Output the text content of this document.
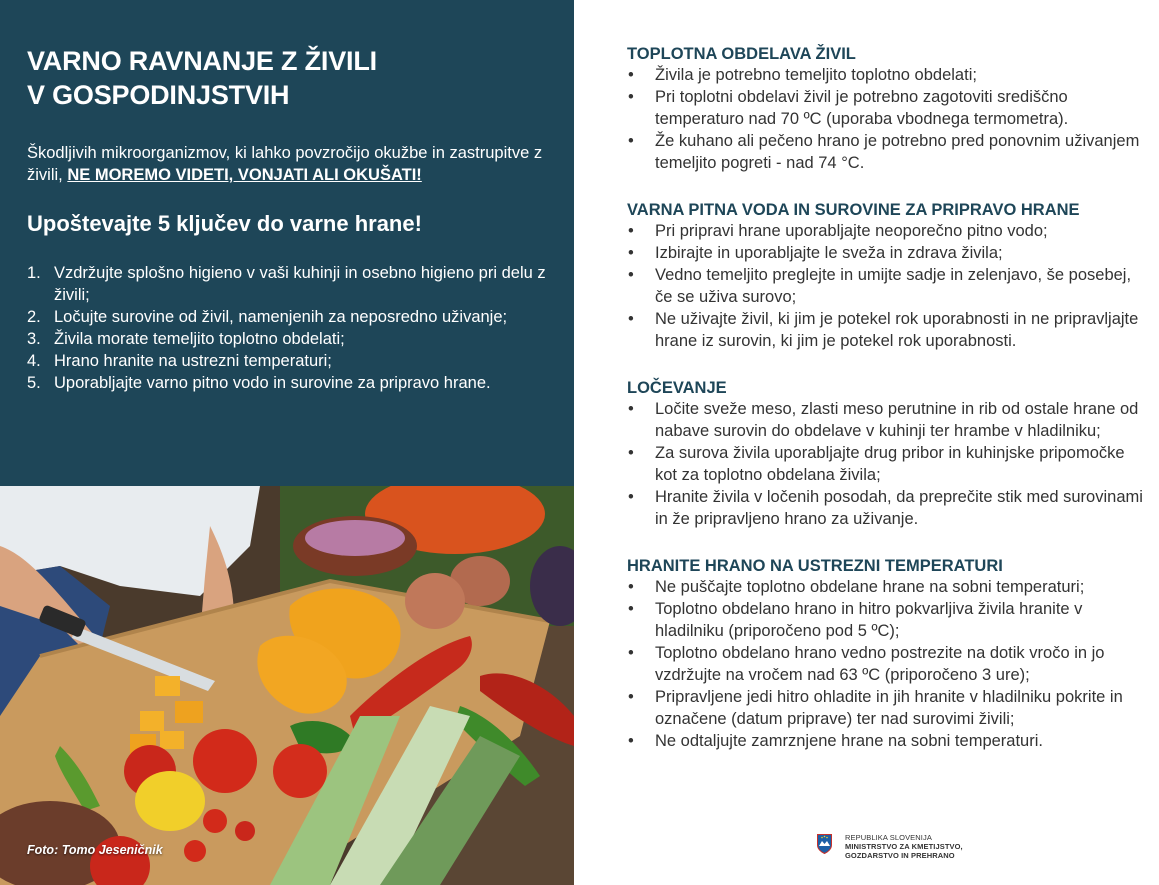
VARNO RAVNANJE Z ŽIVILI
V GOSPODINJSTVIH

Škodljivih mikroorganizmov, ki lahko povzročijo okužbe in zastrupitve z živili, NE MOREMO VIDETI, VONJATI ALI OKUŠATI!

Upoštevajte 5 ključev do varne hrane!
1. Vzdržujte splošno higieno v vaši kuhinji in osebno higieno pri delu z živili;
2. Ločujte surovine od živil, namenjenih za neposredno uživanje;
3. Živila morate temeljito toplotno obdelati;
4. Hrano hranite na ustrezni temperaturi;
5. Uporabljajte varno pitno vodo in surovine za pripravo hrane.
Foto: Tomo Jeseničnik
TOPLOTNA OBDELAVA ŽIVIL
•	Živila je potrebno temeljito toplotno obdelati;
•	Pri toplotni obdelavi živil je potrebno zagotoviti središčno temperaturo nad 70 ºC (uporaba vbodnega termometra).
•	Že kuhano ali pečeno hrano je potrebno pred ponovnim uživanjem temeljito pogreti - nad 74 °C.
VARNA PITNA VODA IN SUROVINE ZA PRIPRAVO HRANE
•	Pri pripravi hrane uporabljajte neoporečno pitno vodo;
•	Izbirajte in uporabljajte le sveža in zdrava živila;
•	Vedno temeljito preglejte in umijte sadje in zelenjavo, še posebej, če se uživa surovo;
•	Ne uživajte živil, ki jim je potekel rok uporabnosti in ne pripravljajte hrane iz surovin, ki jim je potekel rok uporabnosti.
LOČEVANJE
•	Ločite sveže meso, zlasti meso perutnine in rib od ostale hrane od nabave surovin do obdelave v kuhinji ter hrambe v hladilniku;
•	Za surova živila uporabljajte drug pribor in kuhinjske pripomočke kot za toplotno obdelana živila;
•	Hranite živila v ločenih posodah, da preprečite stik med surovinami in že pripravljeno hrano za uživanje.
HRANITE HRANO NA USTREZNI TEMPERATURI
•	Ne puščajte toplotno obdelane hrane na sobni temperaturi;
•	Toplotno obdelano hrano in hitro pokvarljiva živila hranite v hladilniku (priporočeno pod 5 ºC);
•	Toplotno obdelano hrano vedno postrezite na dotik vročo in jo vzdržujte na vročem nad 63 ºC (priporočeno 3 ure);
•	Pripravljene jedi hitro ohladite in jih hranite v hladilniku pokrite in označene (datum priprave) ter nad surovimi živili;
•	Ne odtaljujte zamrznjene hrane na sobni temperaturi.
REPUBLIKA SLOVENIJA
MINISTRSTVO ZA KMETIJSTVO,
GOZDARSTVO IN PREHRANO
